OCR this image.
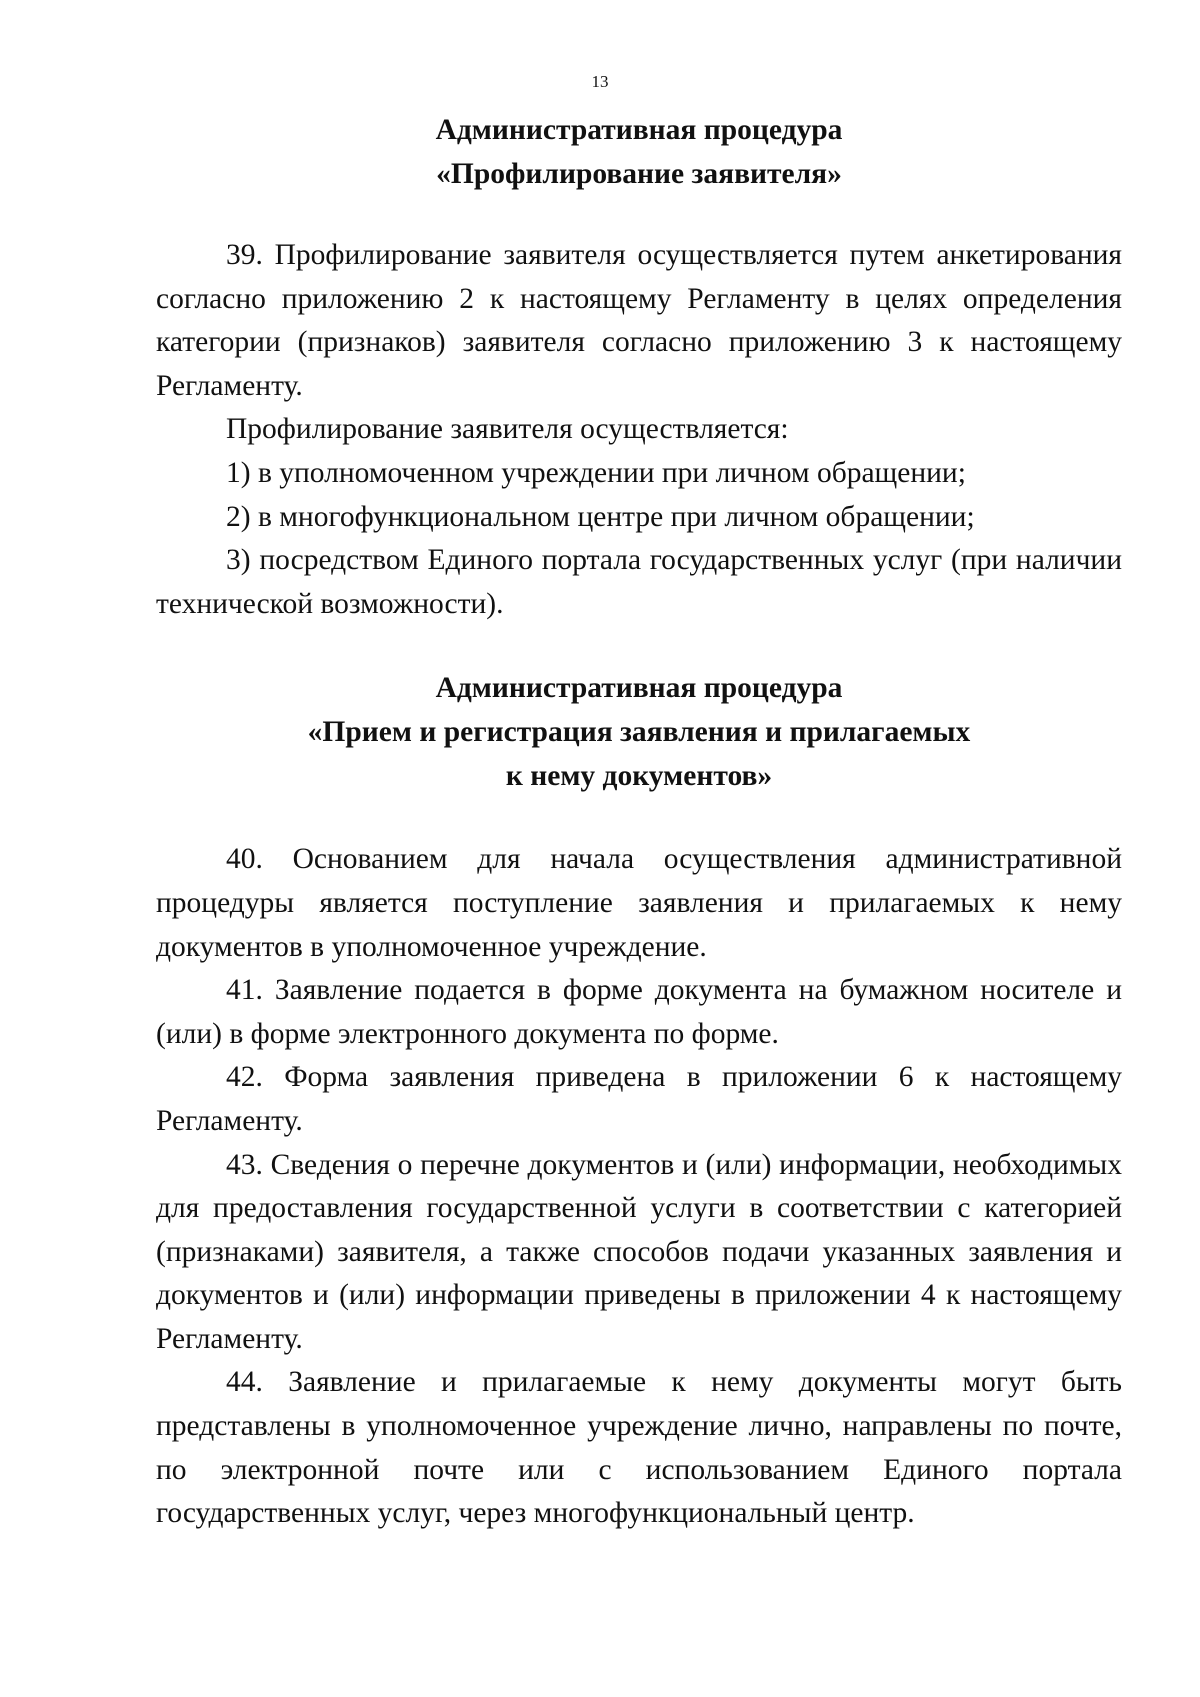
13
Административная процедура
«Профилирование заявителя»

39. Профилирование заявителя осуществляется путем анкетирования согласно приложению 2 к настоящему Регламенту в целях определения категории (признаков) заявителя согласно приложению 3 к настоящему Регламенту.

Профилирование заявителя осуществляется:

1) в уполномоченном учреждении при личном обращении;

2) в многофункциональном центре при личном обращении;

3) посредством Единого портала государственных услуг (при наличии технической возможности).

Административная процедура
«Прием и регистрация заявления и прилагаемых
к нему документов»

40. Основанием для начала осуществления административной процедуры является поступление заявления и прилагаемых к нему документов в уполномоченное учреждение.

41. Заявление подается в форме документа на бумажном носителе и (или) в форме электронного документа по форме.

42. Форма заявления приведена в приложении 6 к настоящему Регламенту.

43. Сведения о перечне документов и (или) информации, необходимых для предоставления государственной услуги в соответствии с категорией (признаками) заявителя, а также способов подачи указанных заявления и документов и (или) информации приведены в приложении 4 к настоящему Регламенту.

44. Заявление и прилагаемые к нему документы могут быть представлены в уполномоченное учреждение лично, направлены по почте, по электронной почте или с использованием Единого портала государственных услуг, через многофункциональный центр.
